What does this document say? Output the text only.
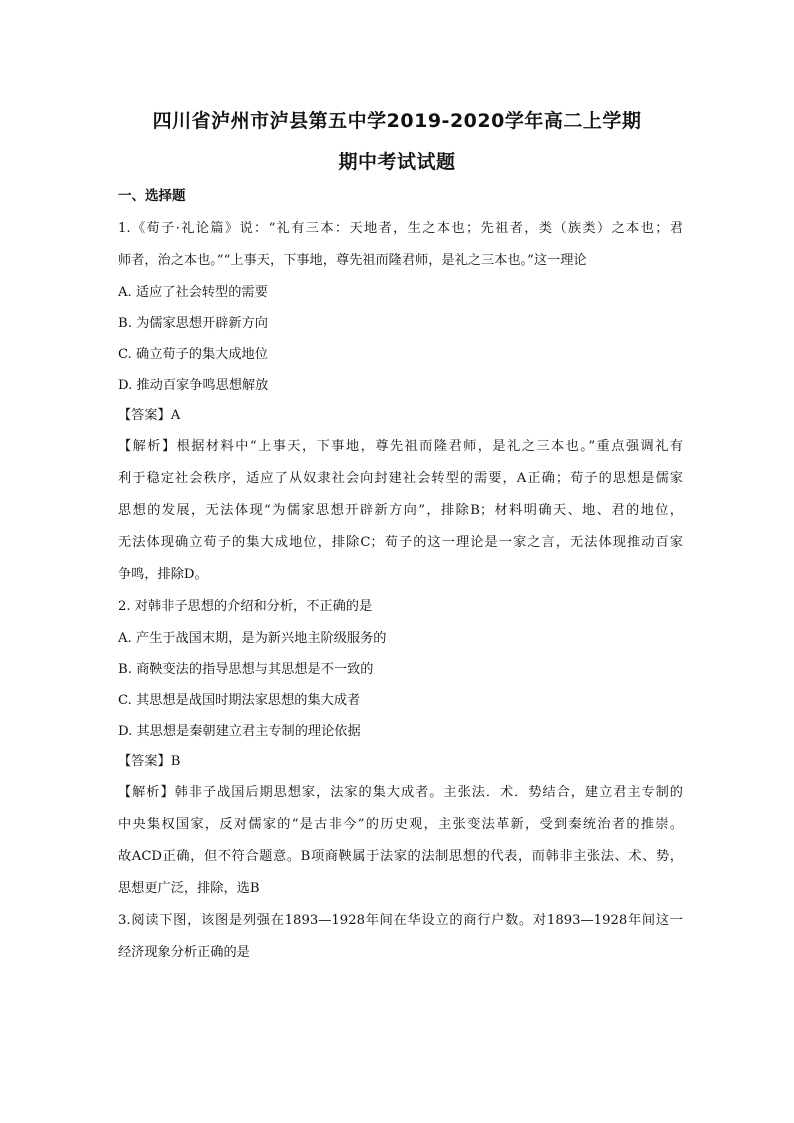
四川省泸州市泸县第五中学2019-2020学年高二上学期
期中考试试题
一、选择题
1.《荀子·礼论篇》说：“礼有三本：天地者，生之本也；先祖者，类（族类）之本也；君
师者，治之本也。”“上事天，下事地，尊先祖而隆君师，是礼之三本也。”这一理论
A. 适应了社会转型的需要
B. 为儒家思想开辟新方向
C. 确立荀子的集大成地位
D. 推动百家争鸣思想解放
【答案】A
【解析】根据材料中“上事天，下事地，尊先祖而隆君师，是礼之三本也。”重点强调礼有
利于稳定社会秩序，适应了从奴隶社会向封建社会转型的需要，A正确；荀子的思想是儒家
思想的发展，无法体现“为儒家思想开辟新方向”，排除B；材料明确天、地、君的地位，
无法体现确立荀子的集大成地位，排除C；荀子的这一理论是一家之言，无法体现推动百家
争鸣，排除D。
2. 对韩非子思想的介绍和分析，不正确的是
A. 产生于战国末期，是为新兴地主阶级服务的
B. 商鞅变法的指导思想与其思想是不一致的
C. 其思想是战国时期法家思想的集大成者
D. 其思想是秦朝建立君主专制的理论依据
【答案】B
【解析】韩非子战国后期思想家，法家的集大成者。主张法．术．势结合，建立君主专制的
中央集权国家，反对儒家的“是古非今”的历史观，主张变法革新，受到秦统治者的推崇。
故ACD正确，但不符合题意。B项商鞅属于法家的法制思想的代表，而韩非主张法、术、势，
思想更广泛，排除，选B
3.阅读下图，该图是列强在1893—1928年间在华设立的商行户数。对1893—1928年间这一
经济现象分析正确的是
